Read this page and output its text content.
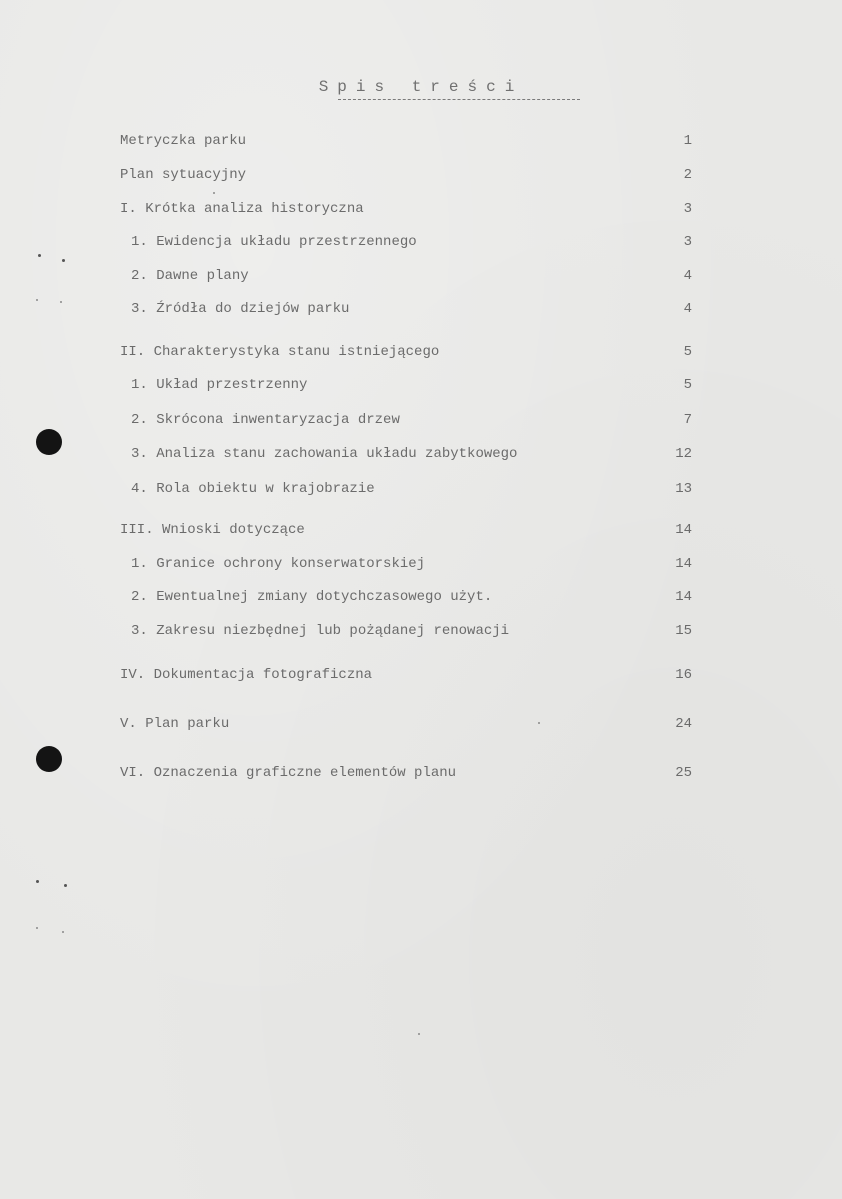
Spis treści
Metryczka parku	1
Plan sytuacyjny	2
I. Krótka analiza historyczna	3
1. Ewidencja układu przestrzennego	3
2. Dawne plany	4
3. Źródła do dziejów parku	4
II. Charakterystyka stanu istniejącego	5
1. Układ przestrzenny	5
2. Skrócona inwentaryzacja drzew	7
3. Analiza stanu zachowania układu zabytkowego	12
4. Rola obiektu w krajobrazie	13
III. Wnioski dotyczące	14
1. Granice ochrony konserwatorskiej	14
2. Ewentualnej zmiany dotychczasowego użyt.	14
3. Zakresu niezbędnej lub pożądanej renowacji	15
IV. Dokumentacja fotograficzna	16
V. Plan parku	24
VI. Oznaczenia graficzne elementów planu	25
